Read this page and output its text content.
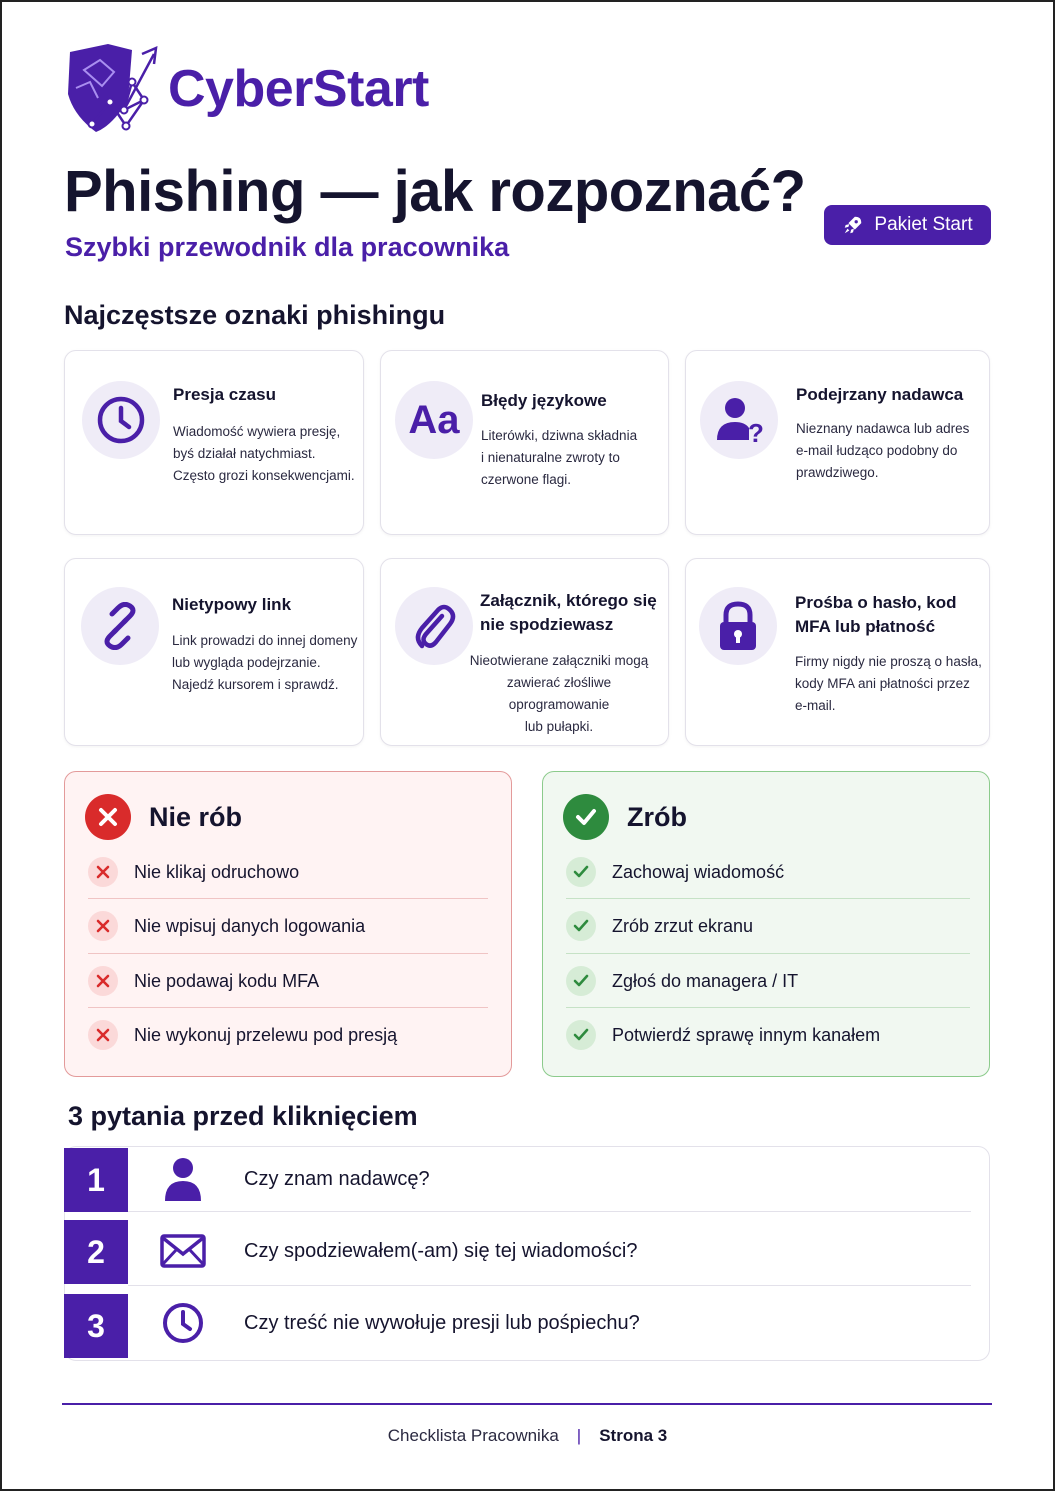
CyberStart
Phishing — jak rozpoznać?
Szybki przewodnik dla pracownika
Pakiet Start
Najczęstsze oznaki phishingu
Presja czasu
Wiadomość wywiera presję,
byś działał natychmiast.
Często grozi konsekwencjami.
Aa Błędy językowe
Literówki, dziwna składnia
i nienaturalne zwroty to
czerwone flagi.
?
Podejrzany nadawca
Nieznany nadawca lub adres
e-mail łudząco podobny do
prawdziwego.
Nietypowy link
Link prowadzi do innej domeny
lub wygląda podejrzanie.
Najedź kursorem i sprawdź.
Załącznik, którego się
nie spodziewasz
Nieotwierane załączniki mogą
zawierać złośliwe oprogramowanie
lub pułapki.
Prośba o hasło, kod
MFA lub płatność
Firmy nigdy nie proszą o hasła,
kody MFA ani płatności przez
e-mail.
Nie rób
Nie klikaj odruchowo
Nie wpisuj danych logowania
Nie podawaj kodu MFA
Nie wykonuj przelewu pod presją
Zrób
Zachowaj wiadomość
Zrób zrzut ekranu
Zgłoś do managera / IT
Potwierdź sprawę innym kanałem
3 pytania przed kliknięciem
1	Czy znam nadawcę?
2	Czy spodziewałem(-am) się tej wiadomości?
3	Czy treść nie wywołuje presji lub pośpiechu?
Checklista Pracownika | Strona 3
